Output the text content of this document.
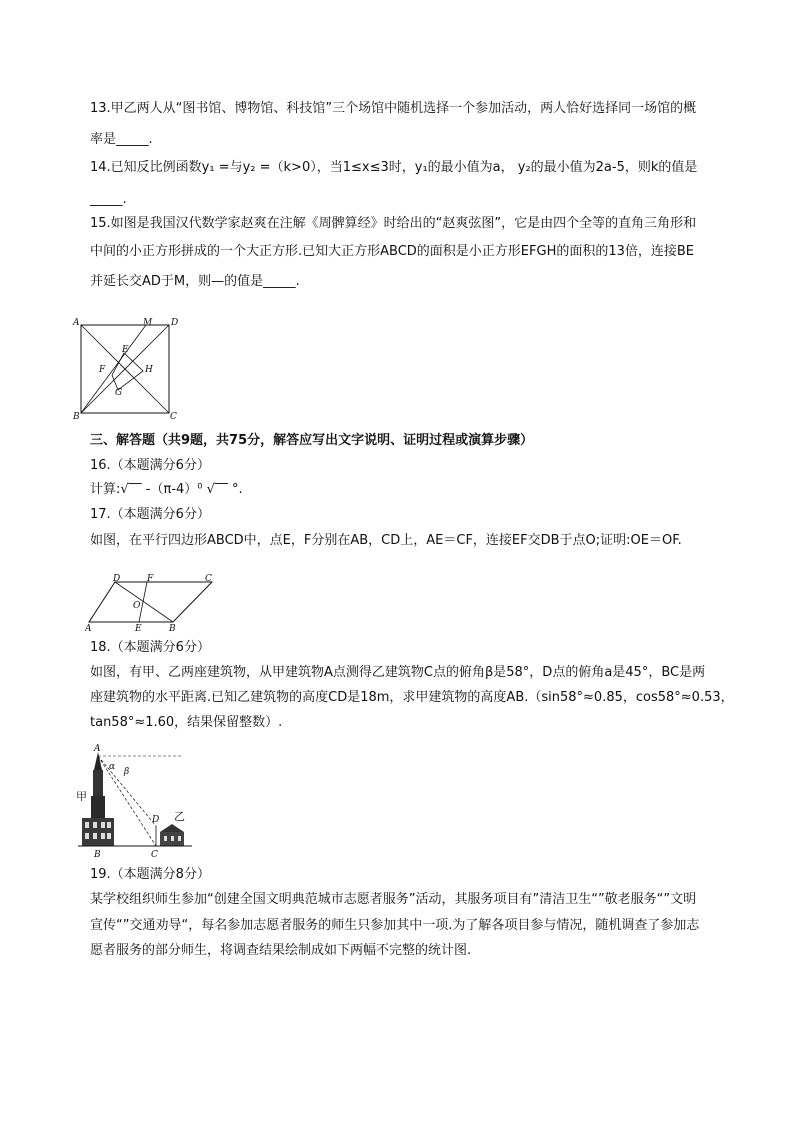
13.甲乙两人从“图书馆、博物馆、科技馆”三个场馆中随机选择一个参加活动，两人恰好选择同一场馆的概
率是_____.
14.已知反比例函数y₁ =与y₂ =（k>0），当1≤x≤3时，y₁的最小值为a， y₂的最小值为2a-5，则k的值是
_____.
15.如图是我国汉代数学家赵爽在注解《周髀算经》时给出的“赵爽弦图”，它是由四个全等的直角三角形和
中间的小正方形拼成的一个大正方形.已知大正方形ABCD的面积是小正方形EFGH的面积的13倍，连接BE
并延长交AD于M，则—的值是_____.
A	M D
E
F	H
G
B	C
三、解答题（共9题，共75分，解答应写出文字说明、证明过程或演算步骤）
16.（本题满分6分）
计算:√‾‾ -（π-4）⁰ √‾‾ °.
17.（本题满分6分）
如图，在平行四边形ABCD中，点E，F分别在AB，CD上，AE＝CF，连接EF交DB于点O;证明:OE＝OF.
D	F	C
O
A	E	B
18.（本题满分6分）
如图，有甲、乙两座建筑物，从甲建筑物A点测得乙建筑物C点的俯角β是58°，D点的俯角a是45°，BC是两
座建筑物的水平距离.已知乙建筑物的高度CD是18m，求甲建筑物的高度AB.（sin58°≈0.85，cos58°≈0.53，
tan58°≈1.60，结果保留整数）.
A
α β
甲
D 乙
B	C
19.（本题满分8分）
某学校组织师生参加“创建全国文明典范城市志愿者服务”活动，其服务项目有”清洁卫生“”敬老服务“”文明
宣传“”交通劝导“，每名参加志愿者服务的师生只参加其中一项.为了解各项目参与情况，随机调查了参加志
愿者服务的部分师生，将调查结果绘制成如下两幅不完整的统计图.
